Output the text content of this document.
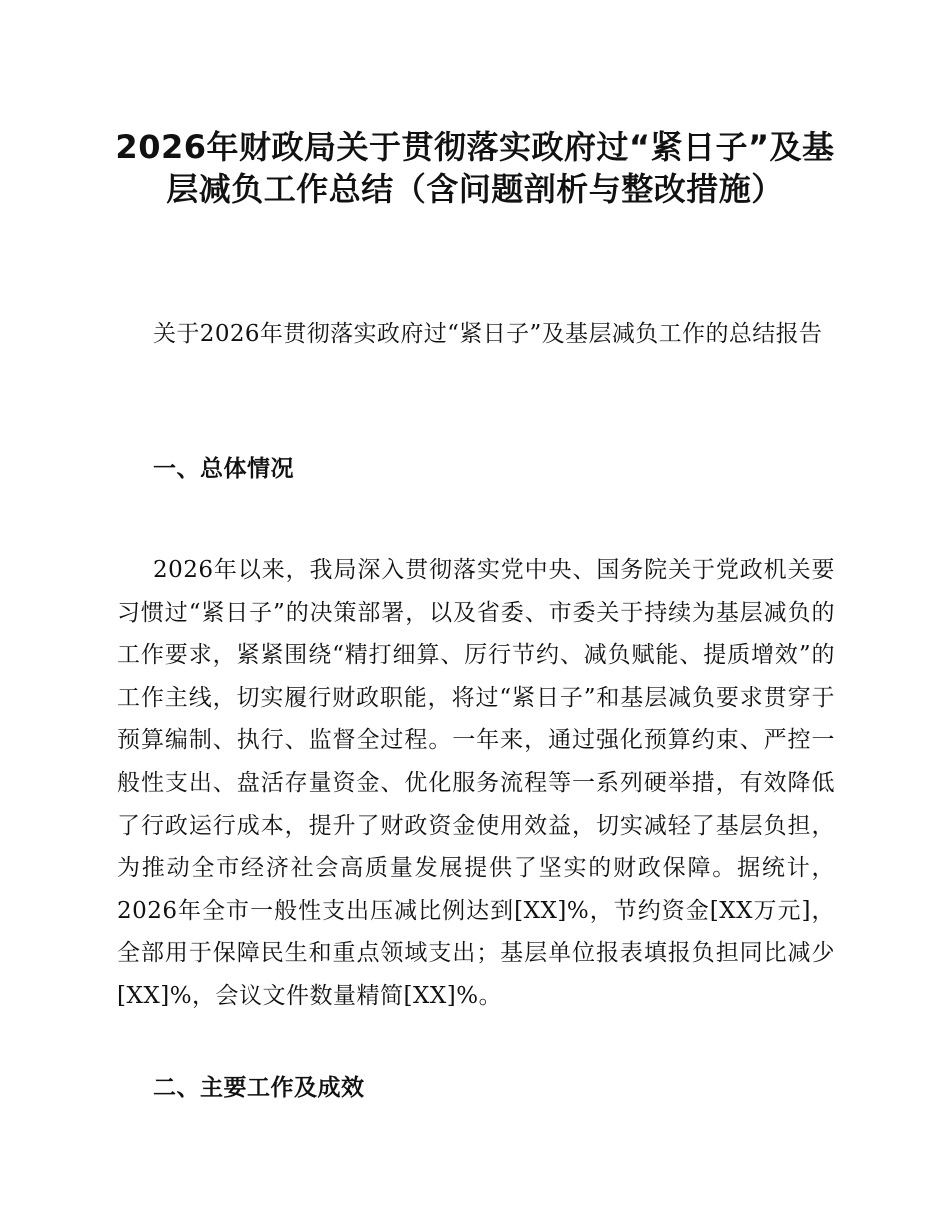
2026年财政局关于贯彻落实政府过“紧日子”及基层减负工作总结（含问题剖析与整改措施）

关于2026年贯彻落实政府过“紧日子”及基层减负工作的总结报告

一、总体情况

2026年以来，我局深入贯彻落实党中央、国务院关于党政机关要习惯过“紧日子”的决策部署，以及省委、市委关于持续为基层减负的工作要求，紧紧围绕“精打细算、厉行节约、减负赋能、提质增效”的工作主线，切实履行财政职能，将过“紧日子”和基层减负要求贯穿于预算编制、执行、监督全过程。一年来，通过强化预算约束、严控一般性支出、盘活存量资金、优化服务流程等一系列硬举措，有效降低了行政运行成本，提升了财政资金使用效益，切实减轻了基层负担，为推动全市经济社会高质量发展提供了坚实的财政保障。据统计，2026年全市一般性支出压减比例达到[XX]%，节约资金[XX万元]，全部用于保障民生和重点领域支出；基层单位报表填报负担同比减少[XX]%，会议文件数量精简[XX]%。

二、主要工作及成效
